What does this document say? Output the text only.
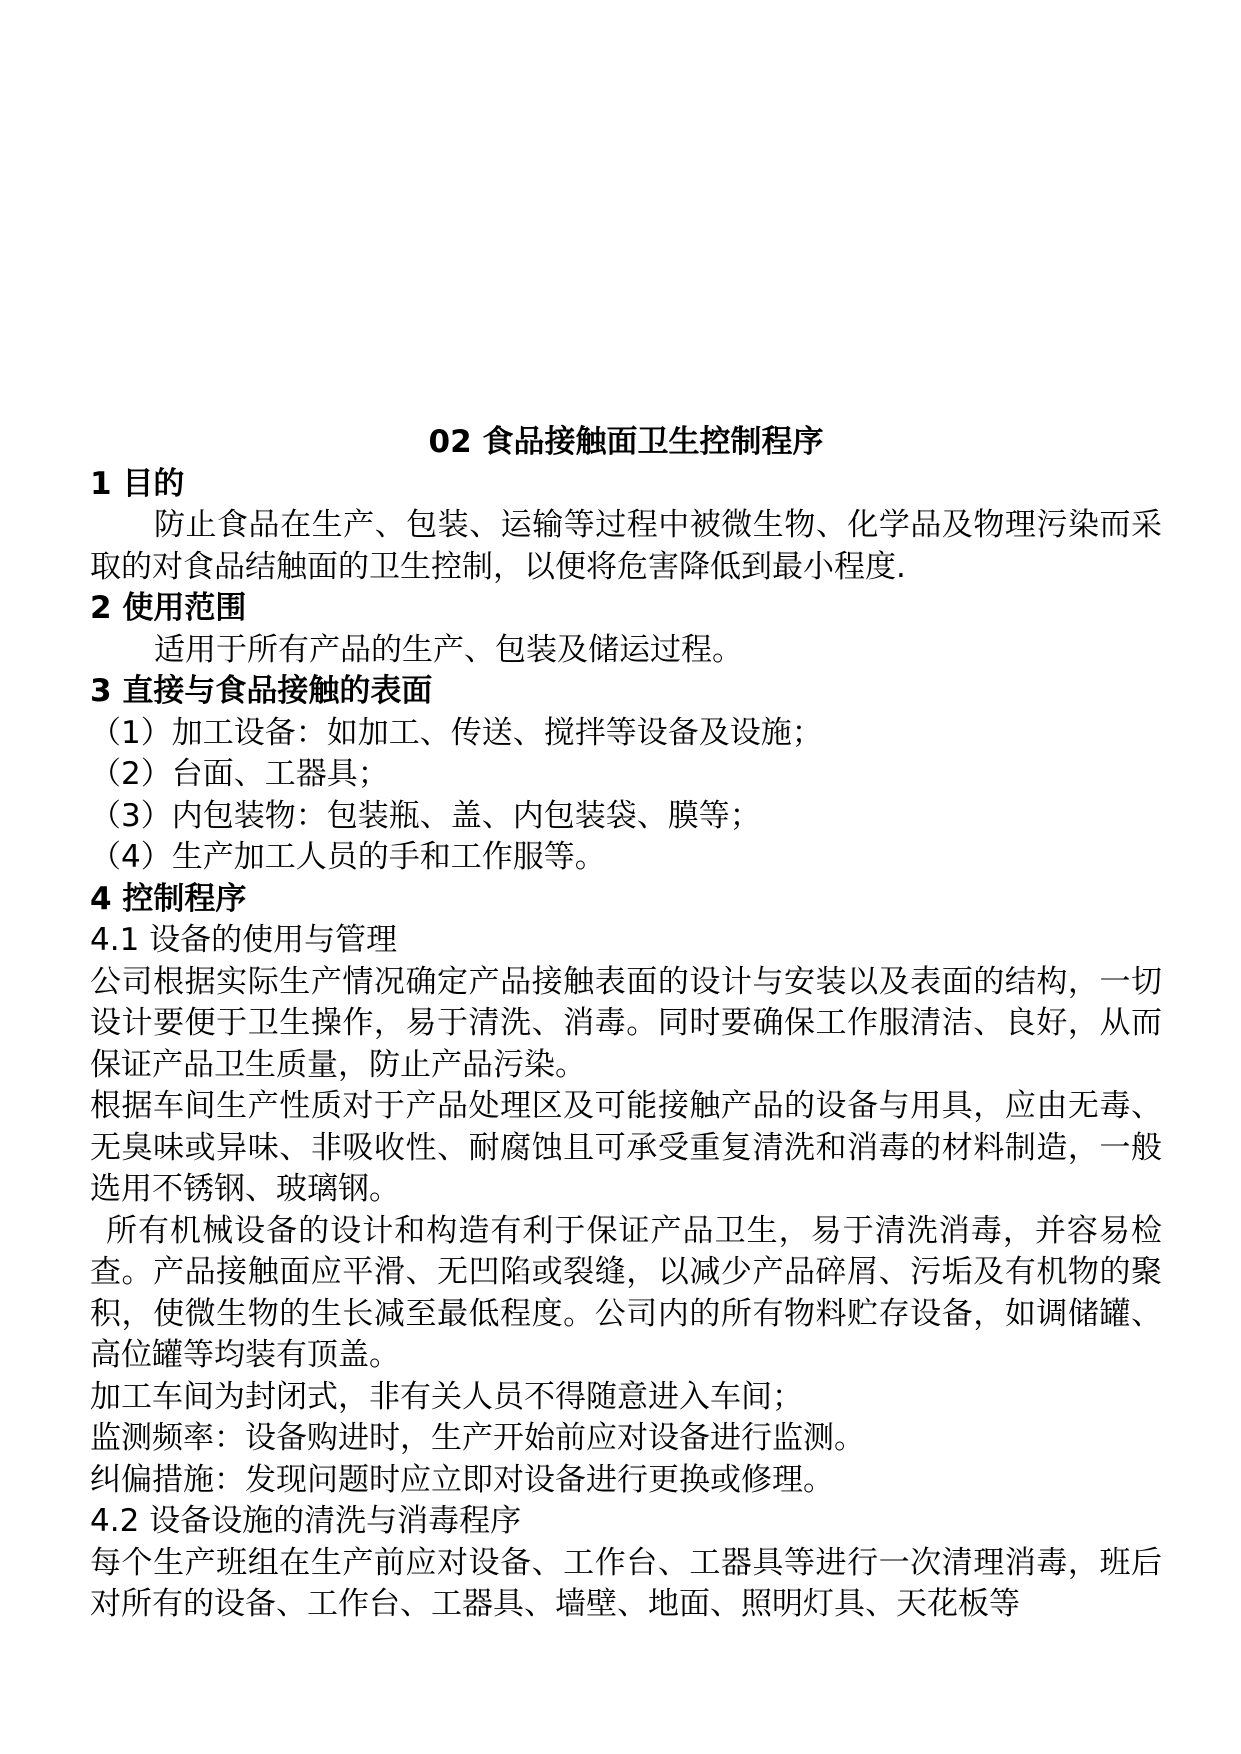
02 食品接触面卫生控制程序

1 目的

防止食品在生产、包装、运输等过程中被微生物、化学品及物理污染而采取的对食品结触面的卫生控制，以便将危害降低到最小程度.

2 使用范围

适用于所有产品的生产、包装及储运过程。

3 直接与食品接触的表面

（1）加工设备：如加工、传送、搅拌等设备及设施；

（2）台面、工器具；

（3）内包装物：包装瓶、盖、内包装袋、膜等；

（4）生产加工人员的手和工作服等。

4 控制程序

4.1 设备的使用与管理

公司根据实际生产情况确定产品接触表面的设计与安装以及表面的结构，一切设计要便于卫生操作，易于清洗、消毒。同时要确保工作服清洁、良好，从而保证产品卫生质量，防止产品污染。

根据车间生产性质对于产品处理区及可能接触产品的设备与用具，应由无毒、无臭味或异味、非吸收性、耐腐蚀且可承受重复清洗和消毒的材料制造，一般选用不锈钢、玻璃钢。

所有机械设备的设计和构造有利于保证产品卫生，易于清洗消毒，并容易检查。产品接触面应平滑、无凹陷或裂缝，以减少产品碎屑、污垢及有机物的聚积，使微生物的生长减至最低程度。公司内的所有物料贮存设备，如调储罐、高位罐等均装有顶盖。

加工车间为封闭式，非有关人员不得随意进入车间；

监测频率：设备购进时，生产开始前应对设备进行监测。

纠偏措施：发现问题时应立即对设备进行更换或修理。

4.2 设备设施的清洗与消毒程序

每个生产班组在生产前应对设备、工作台、工器具等进行一次清理消毒，班后对所有的设备、工作台、工器具、墙壁、地面、照明灯具、天花板等
